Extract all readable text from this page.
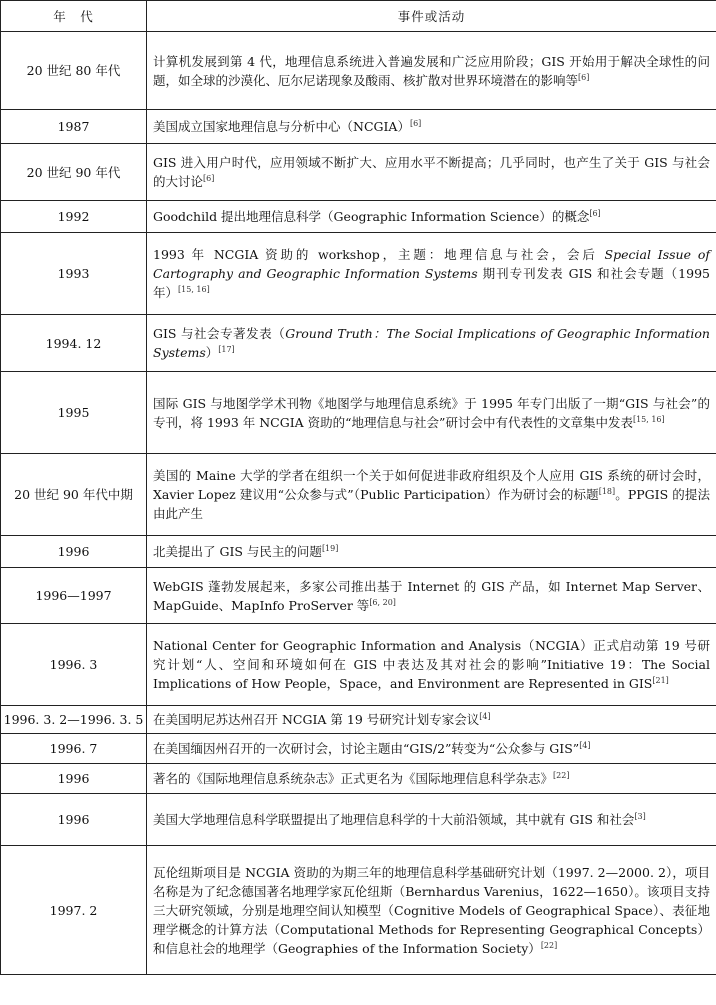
年　代	事件或活动
20 世纪 80 年代	计算机发展到第 4 代，地理信息系统进入普遍发展和广泛应用阶段；GIS 开始用于解决全球性的问题，如全球的沙漠化、厄尔尼诺现象及酸雨、核扩散对世界环境潜在的影响等[6]
1987	美国成立国家地理信息与分析中心（NCGIA）[6]
20 世纪 90 年代	GIS 进入用户时代，应用领域不断扩大、应用水平不断提高；几乎同时，也产生了关于 GIS 与社会的大讨论[6]
1992	Goodchild 提出地理信息科学（Geographic Information Science）的概念[6]
1993	1993 年 NCGIA 资助的 workshop，主题：地理信息与社会，会后 Special Issue of Cartography and Geographic Information Systems 期刊专刊发表 GIS 和社会专题（1995 年）[15, 16]
1994. 12	GIS 与社会专著发表（Ground Truth：The Social Implications of Geographic Information Systems）[17]
1995	国际 GIS 与地图学学术刊物《地图学与地理信息系统》于 1995 年专门出版了一期“GIS 与社会”的专刊，将 1993 年 NCGIA 资助的“地理信息与社会”研讨会中有代表性的文章集中发表[15, 16]
20 世纪 90 年代中期	美国的 Maine 大学的学者在组织一个关于如何促进非政府组织及个人应用 GIS 系统的研讨会时，Xavier Lopez 建议用“公众参与式”（Public Participation）作为研讨会的标题[18]。PPGIS 的提法由此产生
1996	北美提出了 GIS 与民主的问题[19]
1996—1997	WebGIS 蓬勃发展起来，多家公司推出基于 Internet 的 GIS 产品，如 Internet Map Server、MapGuide、MapInfo ProServer 等[6, 20]
1996. 3	National Center for Geographic Information and Analysis（NCGIA）正式启动第 19 号研究计划“人、空间和环境如何在 GIS 中表达及其对社会的影响”Initiative 19：The Social Implications of How People，Space，and Environment are Represented in GIS[21]
1996. 3. 2—1996. 3. 5	在美国明尼苏达州召开 NCGIA 第 19 号研究计划专家会议[4]
1996. 7	在美国缅因州召开的一次研讨会，讨论主题由“GIS/2”转变为“公众参与 GIS”[4]
1996	著名的《国际地理信息系统杂志》正式更名为《国际地理信息科学杂志》[22]
1996	美国大学地理信息科学联盟提出了地理信息科学的十大前沿领域，其中就有 GIS 和社会[3]
1997. 2	瓦伦纽斯项目是 NCGIA 资助的为期三年的地理信息科学基础研究计划（1997. 2—2000. 2），项目名称是为了纪念德国著名地理学家瓦伦纽斯（Bernhardus Varenius，1622—1650）。该项目支持三大研究领域，分别是地理空间认知模型（Cognitive Models of Geographical Space）、表征地理学概念的计算方法（Computational Methods for Representing Geographical Concepts）和信息社会的地理学（Geographies of the Information Society）[22]
